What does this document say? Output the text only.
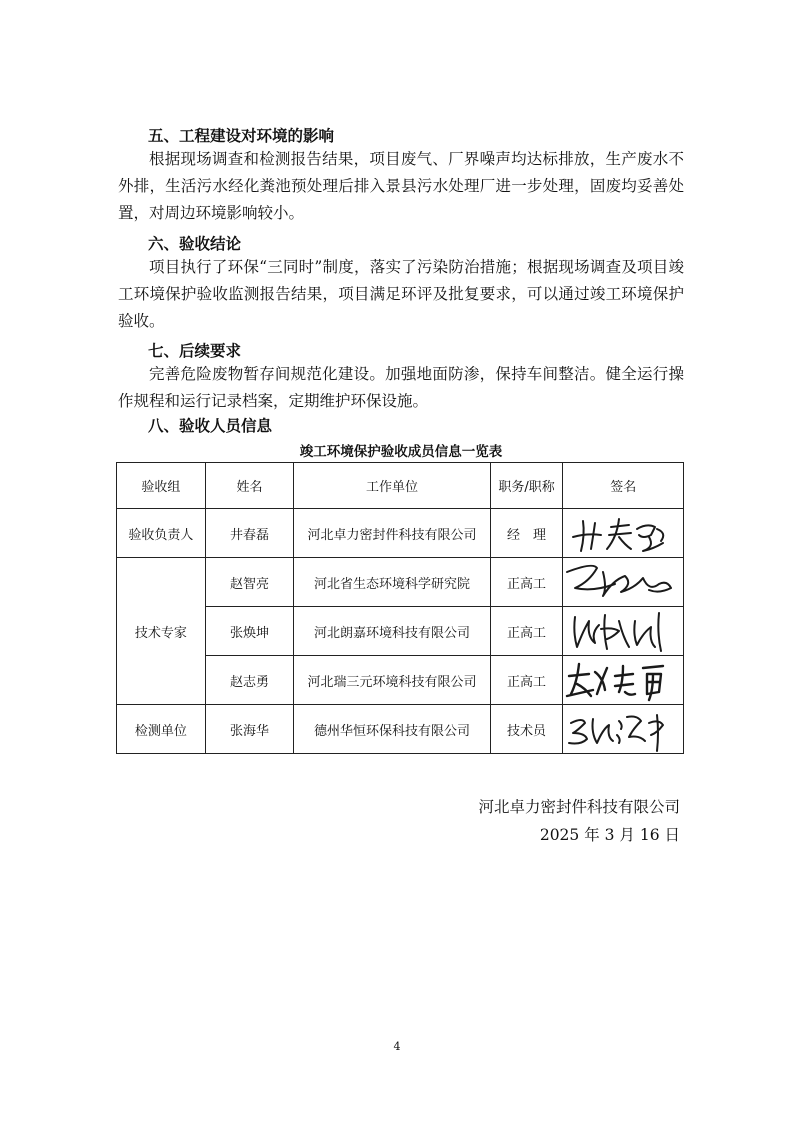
五、工程建设对环境的影响

根据现场调查和检测报告结果，项目废气、厂界噪声均达标排放，生产废水不外排，生活污水经化粪池预处理后排入景县污水处理厂进一步处理，固废均妥善处置，对周边环境影响较小。

六、验收结论

项目执行了环保“三同时”制度，落实了污染防治措施；根据现场调查及项目竣工环境保护验收监测报告结果，项目满足环评及批复要求，可以通过竣工环境保护验收。

七、后续要求

完善危险废物暂存间规范化建设。加强地面防渗，保持车间整洁。健全运行操作规程和运行记录档案，定期维护环保设施。

八、验收人员信息
竣工环境保护验收成员信息一览表
验收组	姓名	工作单位	职务/职称	签名
验收负责人	井春磊	河北卓力密封件科技有限公司	经　理	

技术专家	赵智亮	河北省生态环境科学研究院	正高工	

	张焕坤	河北朗嘉环境科技有限公司	正高工	

	赵志勇	河北瑞三元环境科技有限公司	正高工	

检测单位	张海华	德州华恒环保科技有限公司	技术员	
河北卓力密封件科技有限公司
2025 年 3 月 16 日
4
